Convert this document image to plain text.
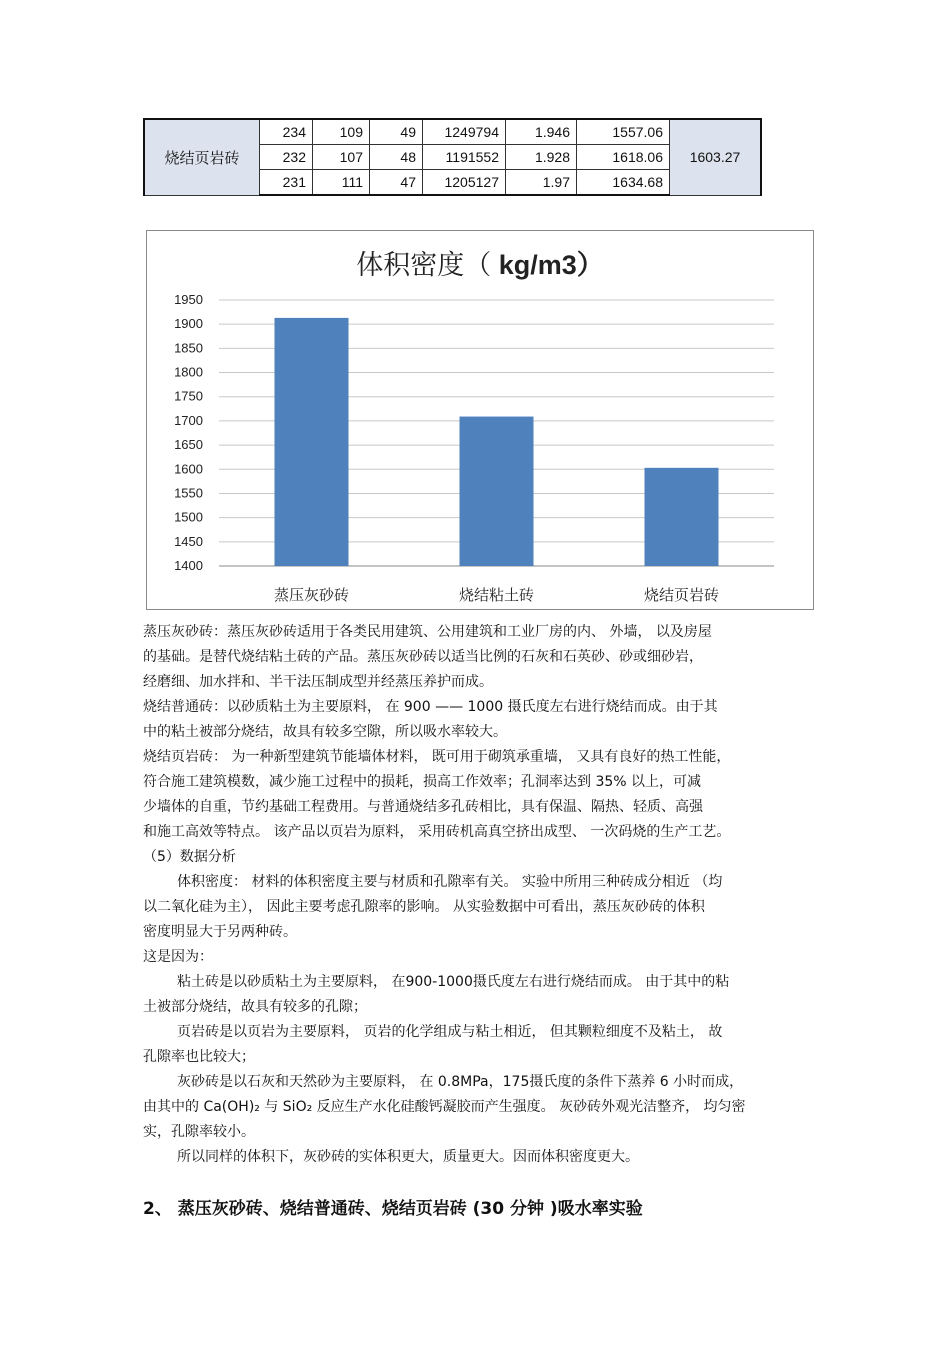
烧结页岩砖	234	109	49	1249794	1.946	1557.06	1603.27
	232	107	48	1191552	1.928	1618.06	
	231	111	47	1205127	1.97	1634.68	
体积密度（ kg/m3）
1950
1900
1850
1800
1750
1700
1650
1600
1550
1500
1450
1400
蒸压灰砂砖	烧结粘土砖	烧结页岩砖

蒸压灰砂砖：蒸压灰砂砖适用于各类民用建筑、公用建筑和工业厂房的内、 外墙， 以及房屋
的基础。是替代烧结粘土砖的产品。蒸压灰砂砖以适当比例的石灰和石英砂、砂或细砂岩，
经磨细、加水拌和、半干法压制成型并经蒸压养护而成。
烧结普通砖：以砂质粘土为主要原料， 在 900 —— 1000 摄氏度左右进行烧结而成。由于其
中的粘土被部分烧结，故具有较多空隙，所以吸水率较大。
烧结页岩砖： 为一种新型建筑节能墙体材料， 既可用于砌筑承重墙， 又具有良好的热工性能，
符合施工建筑模数，减少施工过程中的损耗，损高工作效率；孔洞率达到 35% 以上，可减
少墙体的自重，节约基础工程费用。与普通烧结多孔砖相比，具有保温、隔热、轻质、高强
和施工高效等特点。 该产品以页岩为原料， 采用砖机高真空挤出成型、 一次码烧的生产工艺。

（5）数据分析

体积密度： 材料的体积密度主要与材质和孔隙率有关。 实验中所用三种砖成分相近 （均
以二氧化硅为主）， 因此主要考虑孔隙率的影响。 从实验数据中可看出，蒸压灰砂砖的体积
密度明显大于另两种砖。
这是因为：

粘土砖是以砂质粘土为主要原料， 在900-1000摄氏度左右进行烧结而成。 由于其中的粘
土被部分烧结，故具有较多的孔隙；

页岩砖是以页岩为主要原料， 页岩的化学组成与粘土相近， 但其颗粒细度不及粘土， 故
孔隙率也比较大；

灰砂砖是以石灰和天然砂为主要原料， 在 0.8MPa，175摄氏度的条件下蒸养 6 小时而成，
由其中的 Ca(OH)₂ 与 SiO₂ 反应生产水化硅酸钙凝胶而产生强度。 灰砂砖外观光洁整齐， 均匀密
实，孔隙率较小。

所以同样的体积下，灰砂砖的实体积更大，质量更大。因而体积密度更大。

2、 蒸压灰砂砖、烧结普通砖、烧结页岩砖 (30 分钟 )吸水率实验
